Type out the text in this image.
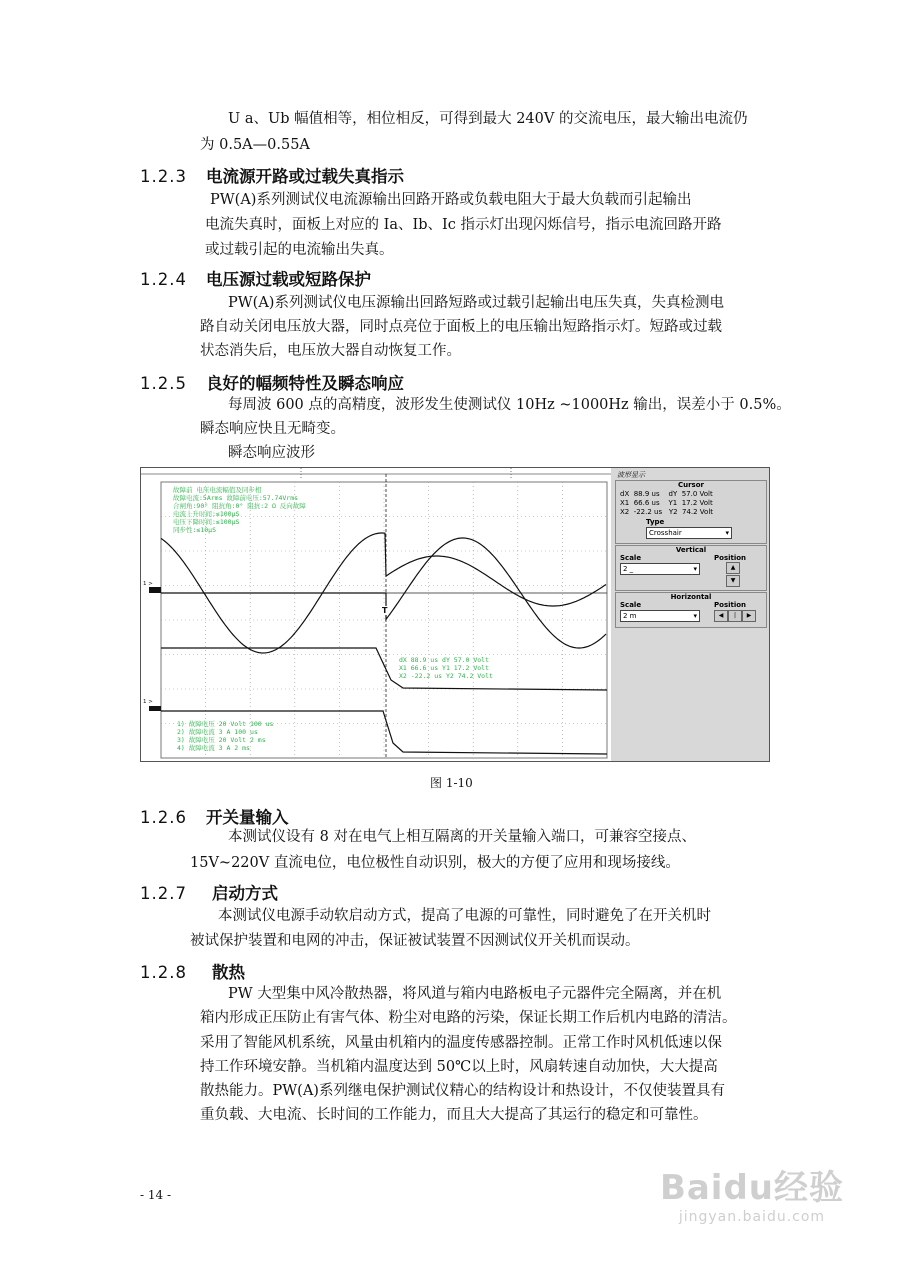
U a、Ub 幅值相等，相位相反，可得到最大 240V 的交流电压，最大输出电流仍
为 0.5A—0.55A
1.2.3 电流源开路或过载失真指示
PW(A)系列测试仪电流源输出回路开路或负载电阻大于最大负载而引起输出
电流失真时，面板上对应的 Ia、Ib、Ic 指示灯出现闪烁信号，指示电流回路开路
或过载引起的电流输出失真。
1.2.4 电压源过载或短路保护
PW(A)系列测试仪电压源输出回路短路或过载引起输出电压失真，失真检测电
路自动关闭电压放大器，同时点亮位于面板上的电压输出短路指示灯。短路或过载
状态消失后，电压放大器自动恢复工作。
1.2.5 良好的幅频特性及瞬态响应
每周波 600 点的高精度，波形发生使测试仪 10Hz ~1000Hz 输出，误差小于 0.5%。
瞬态响应快且无畸变。
瞬态响应波形
故障前 电压电流幅值及同步相
故障电流:5Arms 故障前电压:57.74Vrms
合闸角:90° 阻抗角:0° 阻抗:2 Ω 反向故障
电流上升时间:≤100μS
电压下降时间:≤100μS
同步性:≤10μS
dX 88.9 us dY 57.0 Volt
X1 66.6 us Y1 17.2 Volt
X2 -22.2 us Y2 74.2 Volt
1) 故障电压 20 Volt 100 us
2) 故障电流 3 A 100 us
3) 故障电压 20 Volt 2 ms
4) 故障电流 3 A 2 ms
T
1 >
1 >
波形显示
Cursor
dX 88.9 us dY 57.0 Volt
X1 66.6 us Y1 17.2 Volt
X2 -22.2 us Y2 74.2 Volt
Type
Crosshair	▾
Vertical
Scale	Position
2 _	▾	▲
▼
Horizontal
Scale	Position
2 m	▾	◀	|	▶
图 1-10
1.2.6 开关量输入
本测试仪设有 8 对在电气上相互隔离的开关量输入端口，可兼容空接点、
15V~220V 直流电位，电位极性自动识别，极大的方便了应用和现场接线。
1.2.7 启动方式
本测试仪电源手动软启动方式，提高了电源的可靠性，同时避免了在开关机时
被试保护装置和电网的冲击，保证被试装置不因测试仪开关机而误动。
1.2.8 散热
PW 大型集中风冷散热器，将风道与箱内电路板电子元器件完全隔离，并在机
箱内形成正压防止有害气体、粉尘对电路的污染，保证长期工作后机内电路的清洁。
采用了智能风机系统，风量由机箱内的温度传感器控制。正常工作时风机低速以保
持工作环境安静。当机箱内温度达到 50℃以上时，风扇转速自动加快，大大提高
散热能力。PW(A)系列继电保护测试仪精心的结构设计和热设计，不仅使装置具有
重负载、大电流、长时间的工作能力，而且大大提高了其运行的稳定和可靠性。
- 14 -	Baidu经验
jingyan.baidu.com
